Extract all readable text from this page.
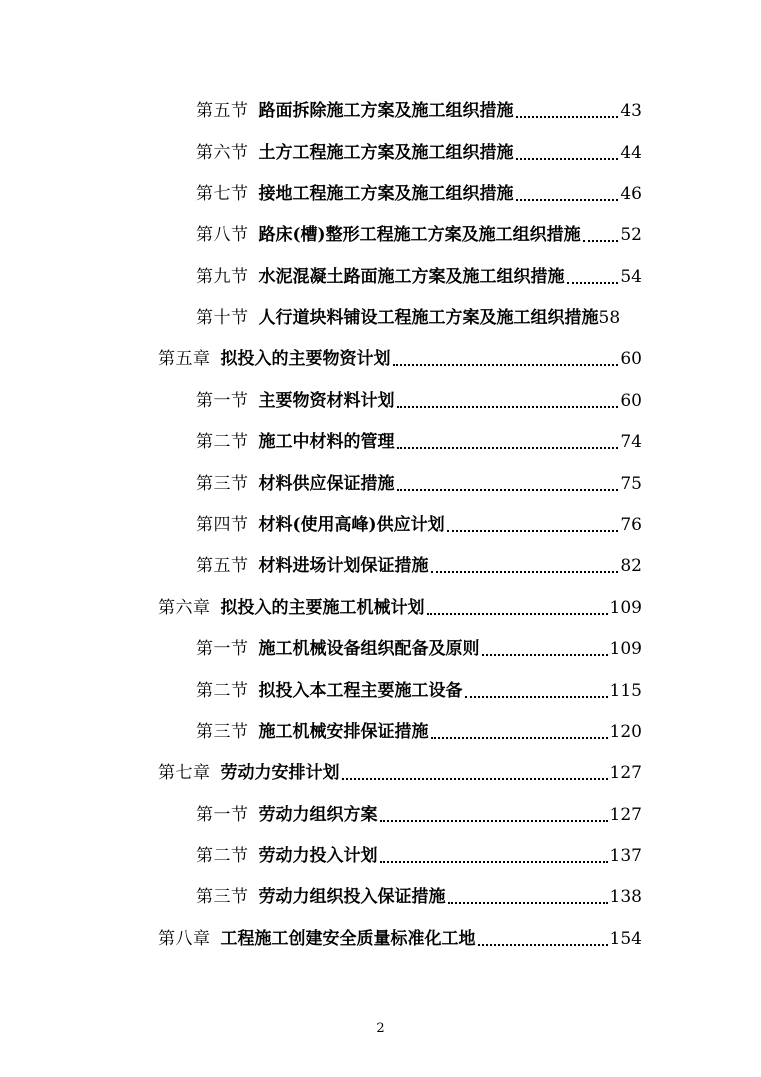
第五节 路面拆除施工方案及施工组织措施	43
第六节 土方工程施工方案及施工组织措施	44
第七节 接地工程施工方案及施工组织措施	46
第八节 路床(槽)整形工程施工方案及施工组织措施 52
第九节 水泥混凝土路面施工方案及施工组织措施	54
第十节 人行道块料铺设工程施工方案及施工组织措施 58
第五章 拟投入的主要物资计划	60
第一节 主要物资材料计划	60
第二节 施工中材料的管理	74
第三节 材料供应保证措施	75
第四节 材料(使用高峰)供应计划	76
第五节 材料进场计划保证措施	82
第六章 拟投入的主要施工机械计划	109
第一节 施工机械设备组织配备及原则	109
第二节 拟投入本工程主要施工设备	115
第三节 施工机械安排保证措施	120
第七章 劳动力安排计划	127
第一节 劳动力组织方案	127
第二节 劳动力投入计划	137
第三节 劳动力组织投入保证措施	138
第八章 工程施工创建安全质量标准化工地	154
2
